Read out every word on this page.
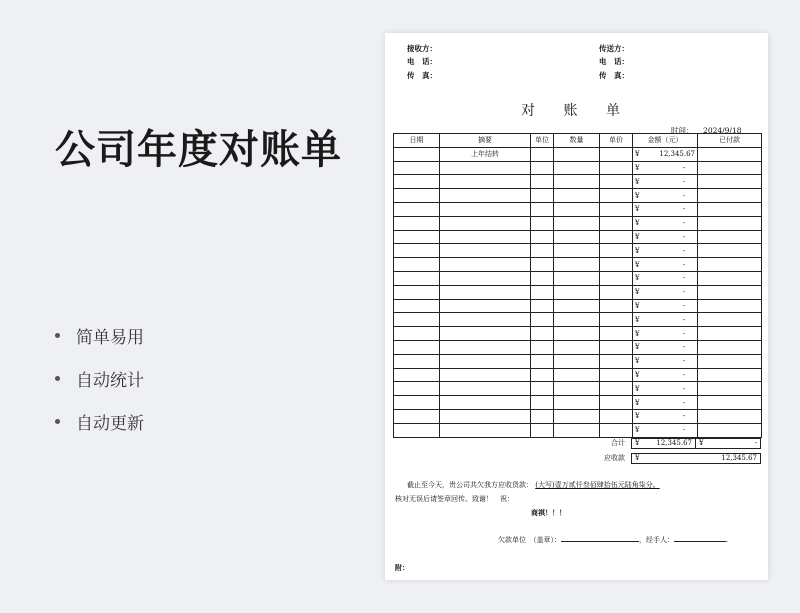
公司年度对账单
简单易用
自动统计
自动更新
接收方：
电　话：
传　真：
传送方：
电　话：
传　真：
对 账 单
时间： 2024/9/18
日期	摘要	单位	数量	单价	金额（元）	已付款
	上年结转				¥ 12,345.67	

					¥ -	

					¥ -	

					¥ -	

					¥ -	

					¥ -	

					¥ -	

					¥ -	

					¥ -	

					¥ -	

					¥ -	

					¥ -	

					¥ -	

					¥ -	

					¥ -	

					¥ -	

					¥ -	

					¥ -	

					¥ -	

					¥ -	

					¥ -	

合计	¥ 12,345.67 ¥	-
应收款	¥	12,345.67
截止至今天，贵公司共欠我方应收货款： (大写)壹万贰仟叁佰肆拾伍元陆角柒分。
核对无误后请签章回传。致谢！　祝：
商祺！！！
欠款单位　（盖章）：	，经手人：	.
附：
